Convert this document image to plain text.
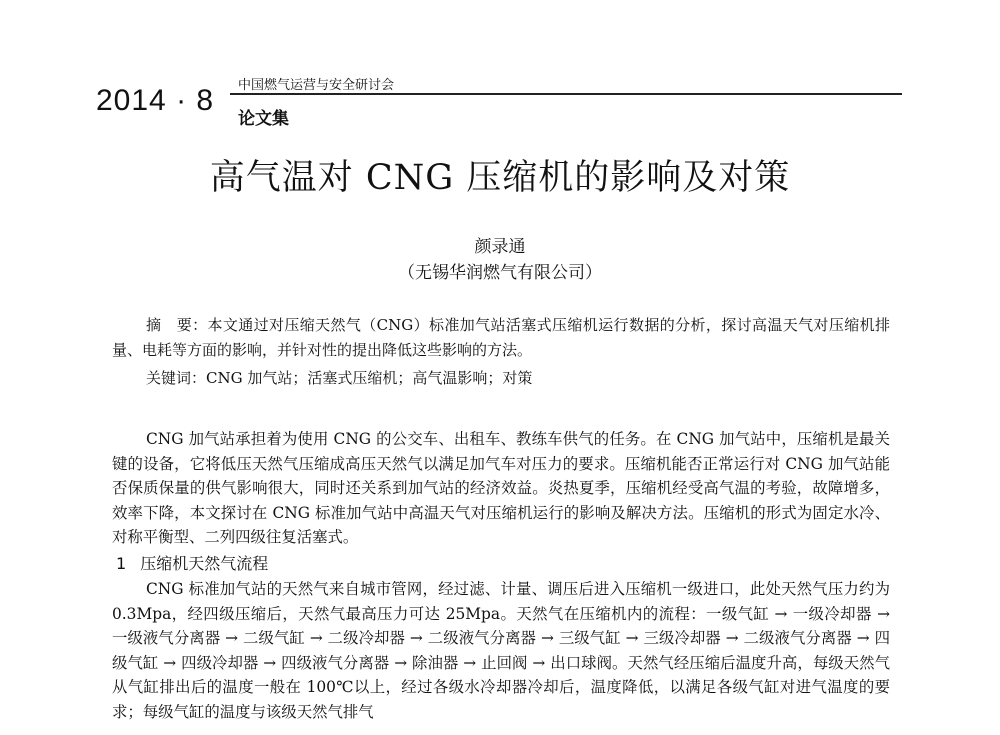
2014 · 8 中国燃气运营与安全研讨会
论文集
高气温对 CNG 压缩机的影响及对策
颜录通
（无锡华润燃气有限公司）
摘　要：本文通过对压缩天然气（CNG）标准加气站活塞式压缩机运行数据的分析，探讨高温天气对压缩机排量、电耗等方面的影响，并针对性的提出降低这些影响的方法。
关键词：CNG 加气站；活塞式压缩机；高气温影响；对策
CNG 加气站承担着为使用 CNG 的公交车、出租车、教练车供气的任务。在 CNG 加气站中，压缩机是最关键的设备，它将低压天然气压缩成高压天然气以满足加气车对压力的要求。压缩机能否正常运行对 CNG 加气站能否保质保量的供气影响很大，同时还关系到加气站的经济效益。炎热夏季，压缩机经受高气温的考验，故障增多，效率下降，本文探讨在 CNG 标准加气站中高温天气对压缩机运行的影响及解决方法。压缩机的形式为固定水冷、对称平衡型、二列四级往复活塞式。
1 压缩机天然气流程
CNG 标准加气站的天然气来自城市管网，经过滤、计量、调压后进入压缩机一级进口，此处天然气压力约为 0.3Mpa，经四级压缩后，天然气最高压力可达 25Mpa。天然气在压缩机内的流程：一级气缸 → 一级冷却器 → 一级液气分离器 → 二级气缸 → 二级冷却器 → 二级液气分离器 → 三级气缸 → 三级冷却器 → 二级液气分离器 → 四级气缸 → 四级冷却器 → 四级液气分离器 → 除油器 → 止回阀 → 出口球阀。天然气经压缩后温度升高，每级天然气从气缸排出后的温度一般在 100℃以上，经过各级水冷却器冷却后，温度降低，以满足各级气缸对进气温度的要求；每级气缸的温度与该级天然气排气
